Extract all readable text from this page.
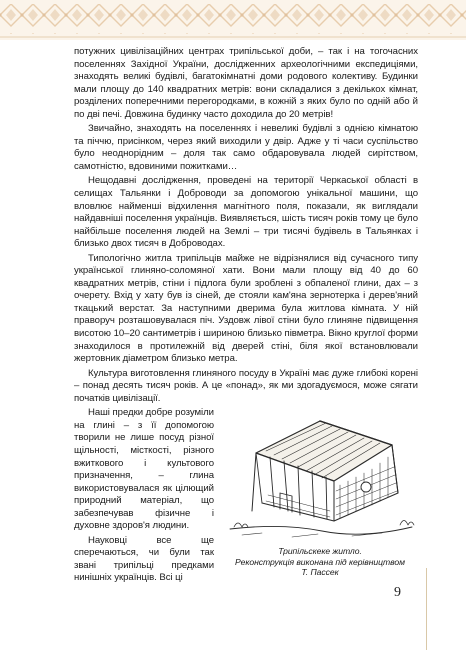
потужних цивілізаційних центрах трипільської доби, – так і на тогочасних поселеннях Західної України, дослідженних археологічними експедиціями, знаходять великі будівлі, багатокімнатні доми родового колективу. Будинки мали площу до 140 квадратних метрів: вони складалися з декількох кімнат, розділених поперечними перегородками, в кожній з яких було по одній або й по дві печі. Довжина будинку часто доходила до 20 метрів!

Звичайно, знаходять на поселеннях і невеликі будівлі з однією кімнатою та піччю, присінком, через який виходили у двір. Адже у ті часи суспільство було неоднорідним – доля так само обдаровувала людей сирітством, самотністю, вдовиними пожитками…

Нещодавні дослідження, проведені на території Черкаської області в селищах Тальянки і Доброводи за допомогою унікальної машини, що вловлює найменші відхилення магнітного поля, показали, як виглядали найдавніші поселення українців. Виявляється, шість тисяч років тому це було найбільше поселення людей на Землі – три тисячі будівель в Тальянках і близько двох тисяч в Доброводах.

Типологічно житла трипільців майже не відрізнялися від сучасного типу української глиняно-соломяної хати. Вони мали площу від 40 до 60 квадратних метрів, стіни і підлога були зроблені з обпаленої глини, дах – з очерету. Вхід у хату був із сіней, де стояли кам'яна зернотерка і дерев'яний ткацький верстат. За наступними дверима була житлова кімната. У ній праворуч розташовувалася піч. Уздовж лівої стіни було глиняне підвищення висотою 10–20 сантиметрів і шириною близько півметра. Вікно круглої форми знаходилося в протилежній від дверей стіні, біля якої встановлювали жертовник діаметром близько метра.

Культура виготовлення глиняного посуду в Україні має дуже глибокі корені – понад десять тисяч років. А це «понад», як ми здогадуємося, може сягати початків цивілізації.

Трипільскеке житло.
Реконструкція виконана під керівництвом
Т. Пассек

Наші предки добре розуміли на глині – з її допомогою творили не лише посуд різної щільності, місткості, різного вжиткового і культового призначення, – глина використовувалася як цілющий природний матеріал, що забезпечував фізичне і духовне здоров'я людини.

Науковці все ще сперечаються, чи були так звані трипільці предками нинішніх українців. Всі ці

9
